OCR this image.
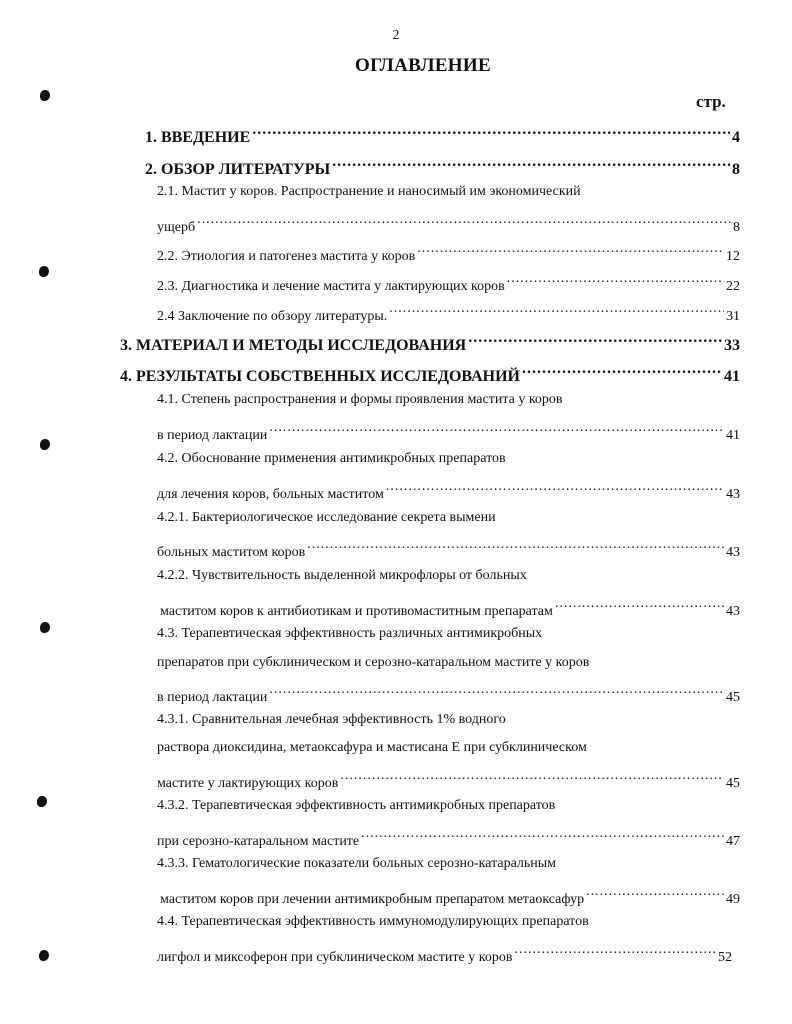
2
ОГЛАВЛЕНИЕ
стр.
1. ВВЕДЕНИЕ .....	4
2. ОБЗОР ЛИТЕРАТУРЫ .....	8
2.1. Мастит у коров. Распространение и наносимый им экономический
ущерб .....	8
2.2. Этиология и патогенез мастита у коров .....	12
2.3. Диагностика и лечение мастита у лактирующих коров .....	22
2.4 Заключение по обзору литературы. .....	31
3. МАТЕРИАЛ И МЕТОДЫ ИССЛЕДОВАНИЯ .....	33
4. РЕЗУЛЬТАТЫ СОБСТВЕННЫХ ИССЛЕДОВАНИЙ .....	41
4.1. Степень распространения и формы проявления мастита у коров
в период лактации .....	41
4.2. Обоснование применения антимикробных препаратов
для лечения коров, больных маститом .....	43
4.2.1. Бактериологическое исследование секрета вымени
больных маститом коров .....	43
4.2.2. Чувствительность выделенной микрофлоры от больных
маститом коров к антибиотикам и противомаститным препаратам .....	43
4.3. Терапевтическая эффективность различных антимикробных
препаратов при субклиническом и серозно-катаральном мастите у коров
в период лактации .....	45
4.3.1. Сравнительная лечебная эффективность 1% водного
раствора диоксидина, метаоксафура и мастисана Е при субклиническом
мастите у лактирующих коров .....	45
4.3.2. Терапевтическая эффективность антимикробных препаратов
при серозно-катаральном мастите .....	47
4.3.3. Гематологические показатели больных серозно-катаральным
маститом коров при лечении антимикробным препаратом метаоксафур .....	49
4.4. Терапевтическая эффективность иммуномодулирующих препаратов
лигфол и миксоферон при субклиническом мастите у коров .....	52
